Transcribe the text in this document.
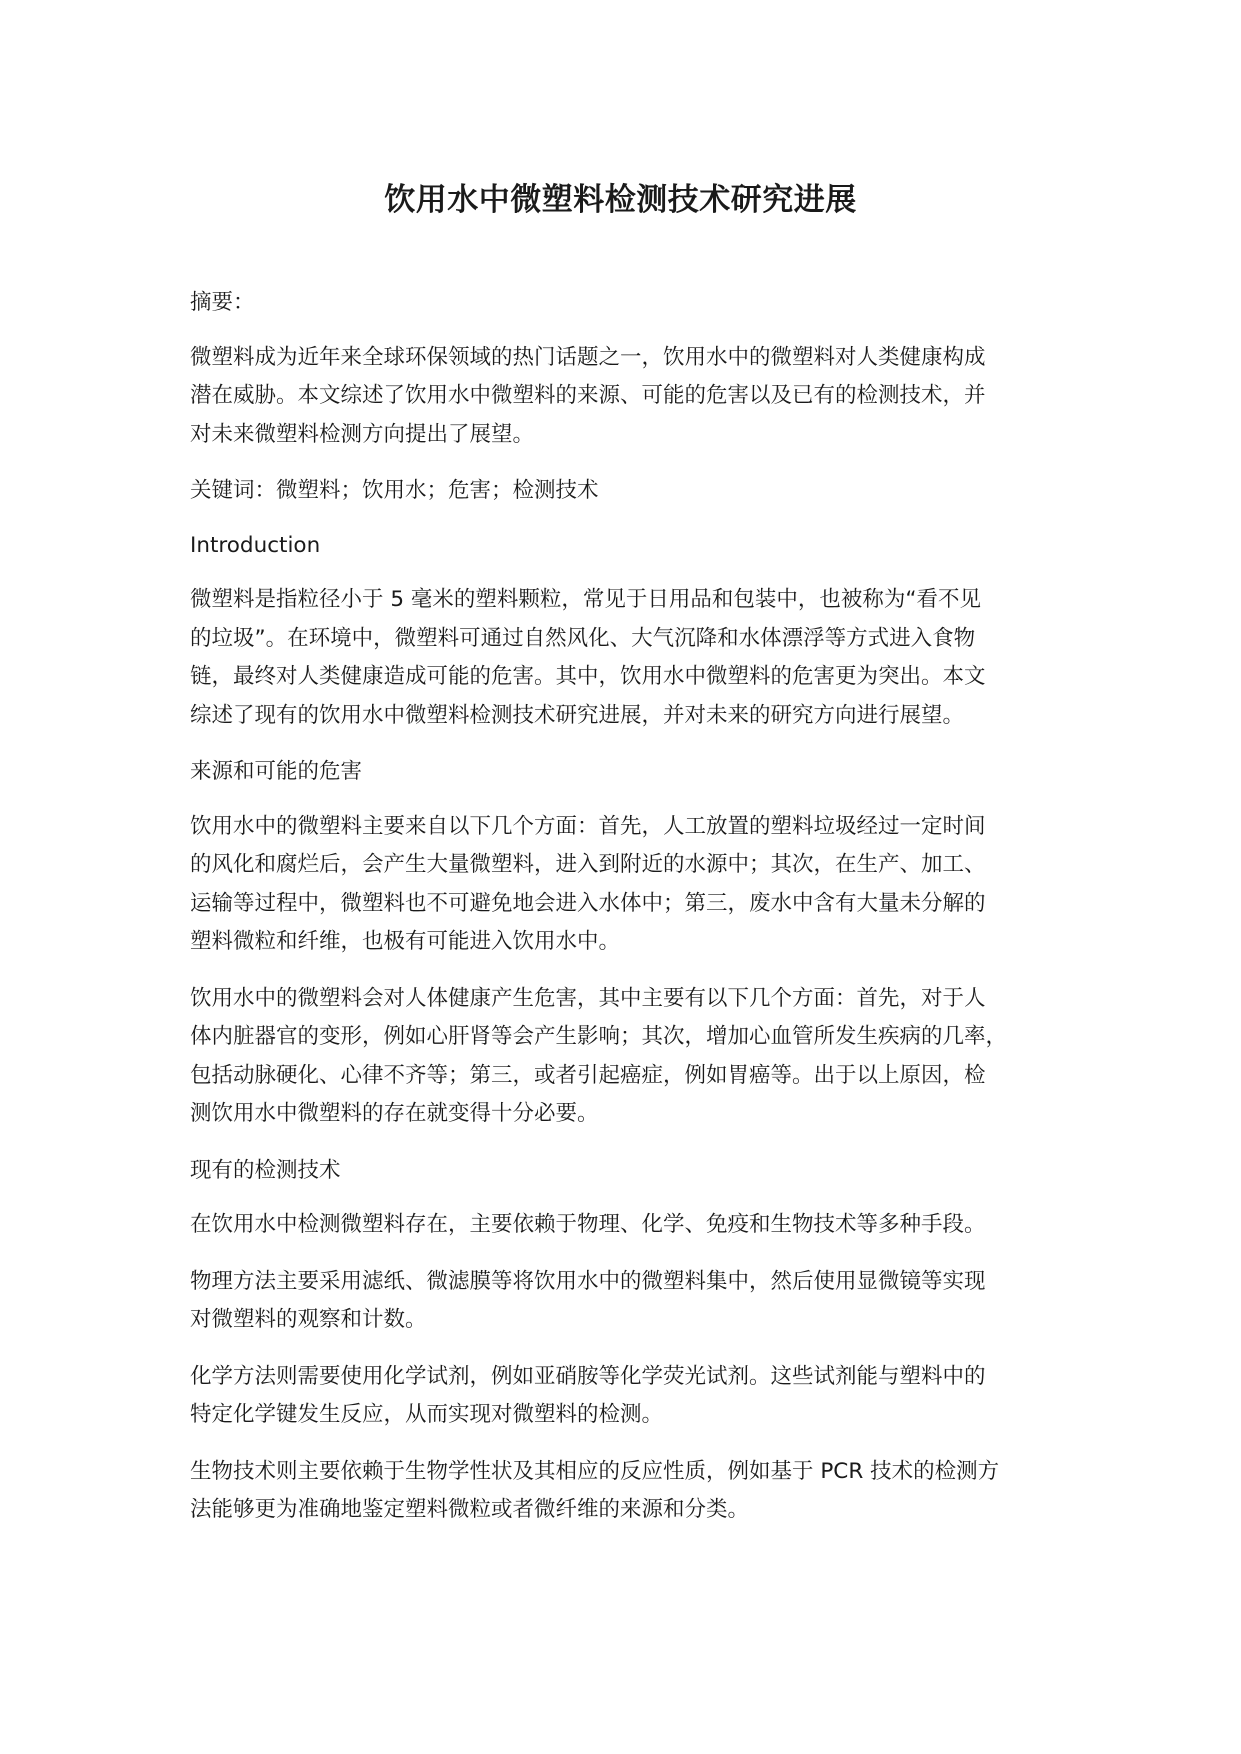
饮用水中微塑料检测技术研究进展

摘要：

微塑料成为近年来全球环保领域的热门话题之一，饮用水中的微塑料对人类健康构成
潜在威胁。本文综述了饮用水中微塑料的来源、可能的危害以及已有的检测技术，并
对未来微塑料检测方向提出了展望。

关键词：微塑料；饮用水；危害；检测技术

Introduction

微塑料是指粒径小于 5 毫米的塑料颗粒，常见于日用品和包装中，也被称为“看不见
的垃圾”。在环境中，微塑料可通过自然风化、大气沉降和水体漂浮等方式进入食物
链，最终对人类健康造成可能的危害。其中，饮用水中微塑料的危害更为突出。本文
综述了现有的饮用水中微塑料检测技术研究进展，并对未来的研究方向进行展望。

来源和可能的危害

饮用水中的微塑料主要来自以下几个方面：首先，人工放置的塑料垃圾经过一定时间
的风化和腐烂后，会产生大量微塑料，进入到附近的水源中；其次，在生产、加工、
运输等过程中，微塑料也不可避免地会进入水体中；第三，废水中含有大量未分解的
塑料微粒和纤维，也极有可能进入饮用水中。

饮用水中的微塑料会对人体健康产生危害，其中主要有以下几个方面：首先，对于人
体内脏器官的变形，例如心肝肾等会产生影响；其次，增加心血管所发生疾病的几率，
包括动脉硬化、心律不齐等；第三，或者引起癌症，例如胃癌等。出于以上原因，检
测饮用水中微塑料的存在就变得十分必要。

现有的检测技术

在饮用水中检测微塑料存在，主要依赖于物理、化学、免疫和生物技术等多种手段。

物理方法主要采用滤纸、微滤膜等将饮用水中的微塑料集中，然后使用显微镜等实现
对微塑料的观察和计数。

化学方法则需要使用化学试剂，例如亚硝胺等化学荧光试剂。这些试剂能与塑料中的
特定化学键发生反应，从而实现对微塑料的检测。

生物技术则主要依赖于生物学性状及其相应的反应性质，例如基于 PCR 技术的检测方
法能够更为准确地鉴定塑料微粒或者微纤维的来源和分类。
